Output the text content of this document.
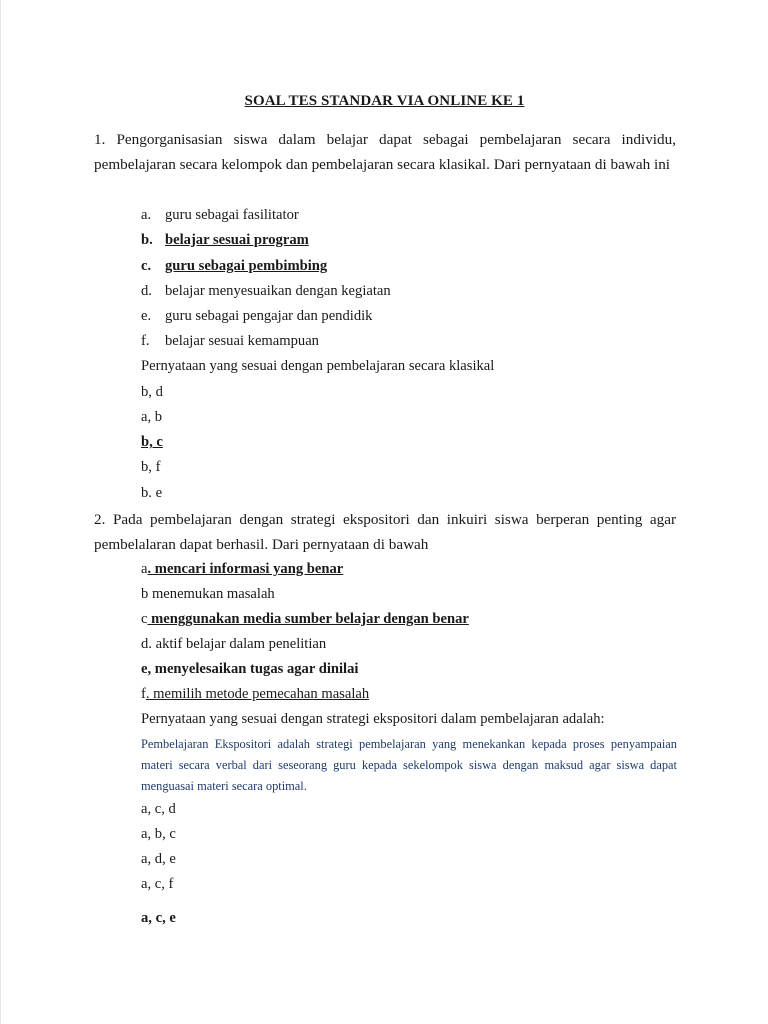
SOAL TES STANDAR VIA ONLINE KE 1
1. Pengorganisasian siswa dalam belajar dapat sebagai pembelajaran secara individu, pembelajaran secara kelompok dan pembelajaran secara klasikal. Dari pernyataan di bawah ini
a. guru sebagai fasilitator
b. belajar sesuai program
c. guru sebagai pembimbing
d. belajar menyesuaikan dengan kegiatan
e. guru sebagai pengajar dan pendidik
f. belajar sesuai kemampuan
Pernyataan yang sesuai dengan pembelajaran secara klasikal
b, d
a, b
b, c
b, f
b. e
2. Pada pembelajaran dengan strategi ekspositori dan inkuiri siswa berperan penting agar pembelalaran dapat berhasil. Dari pernyataan di bawah
a. mencari informasi yang benar
b menemukan masalah
c menggunakan media sumber belajar dengan benar
d. aktif belajar dalam penelitian
e, menyelesaikan tugas agar dinilai
f. memilih metode pemecahan masalah
Pernyataan yang sesuai dengan strategi ekspositori dalam pembelajaran adalah:
Pembelajaran Ekspositori adalah strategi pembelajaran yang menekankan kepada proses penyampaian materi secara verbal dari seseorang guru kepada sekelompok siswa dengan maksud agar siswa dapat menguasai materi secara optimal.
a, c, d
a, b, c
a, d, e
a, c, f
a, c, e
